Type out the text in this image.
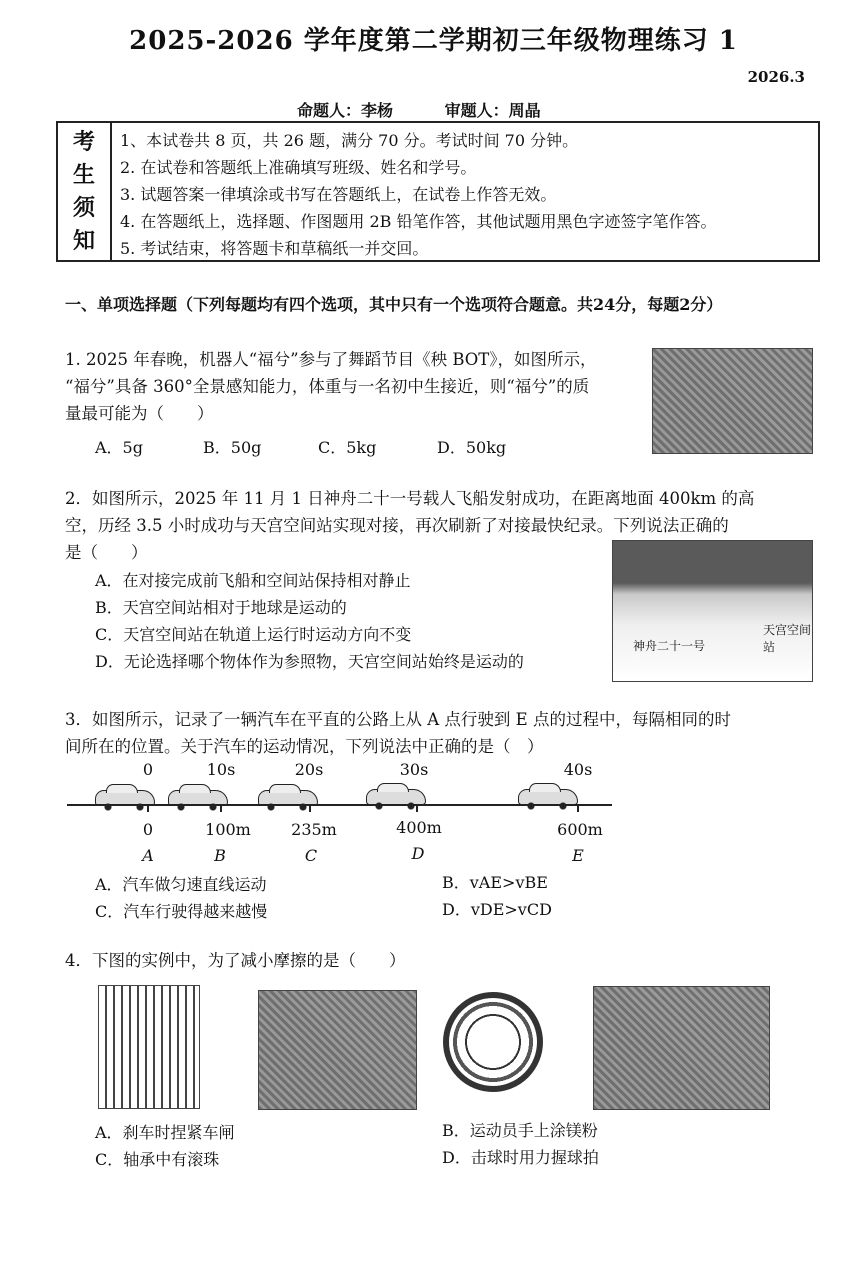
2025-2026 学年度第二学期初三年级物理练习 1
2026.3
命题人：李杨	审题人：周晶
考
生
须
知
1、本试卷共 8 页，共 26 题，满分 70 分。考试时间 70 分钟。
2. 在试卷和答题纸上准确填写班级、姓名和学号。
3. 试题答案一律填涂或书写在答题纸上，在试卷上作答无效。
4. 在答题纸上，选择题、作图题用 2B 铅笔作答，其他试题用黑色字迹签字笔作答。
5. 考试结束，将答题卡和草稿纸一并交回。
一、单项选择题（下列每题均有四个选项，其中只有一个选项符合题意。共24分，每题2分）
1. 2025 年春晚，机器人“福兮”参与了舞蹈节目《秧 BOT》，如图所示，
“福兮”具备 360°全景感知能力，体重与一名初中生接近，则“福兮”的质
量最可能为（　　）
A．5g	B．50g	C．5kg	D．50kg
2．如图所示，2025 年 11 月 1 日神舟二十一号载人飞船发射成功，在距离地面 400km 的高
空，历经 3.5 小时成功与天宫空间站实现对接，再次刷新了对接最快纪录。下列说法正确的
是（　　）
A．在对接完成前飞船和空间站保持相对静止
B．天宫空间站相对于地球是运动的
C．天宫空间站在轨道上运行时运动方向不变
D．无论选择哪个物体作为参照物，天宫空间站始终是运动的
天宫空间站
神舟二十一号
3．如图所示，记录了一辆汽车在平直的公路上从 A 点行驶到 E 点的过程中，每隔相同的时
间所在的位置。关于汽车的运动情况，下列说法中正确的是（　）
0	10s	20s	30s	40s
0	100m	235m	400m	600m
A	B	C	D	E
A．汽车做匀速直线运动	B．vAE>vBE
C．汽车行驶得越来越慢	D．vDE>vCD
4．下图的实例中，为了减小摩擦的是（　　）
A．刹车时捏紧车闸	B．运动员手上涂镁粉
C．轴承中有滚珠	D．击球时用力握球拍
